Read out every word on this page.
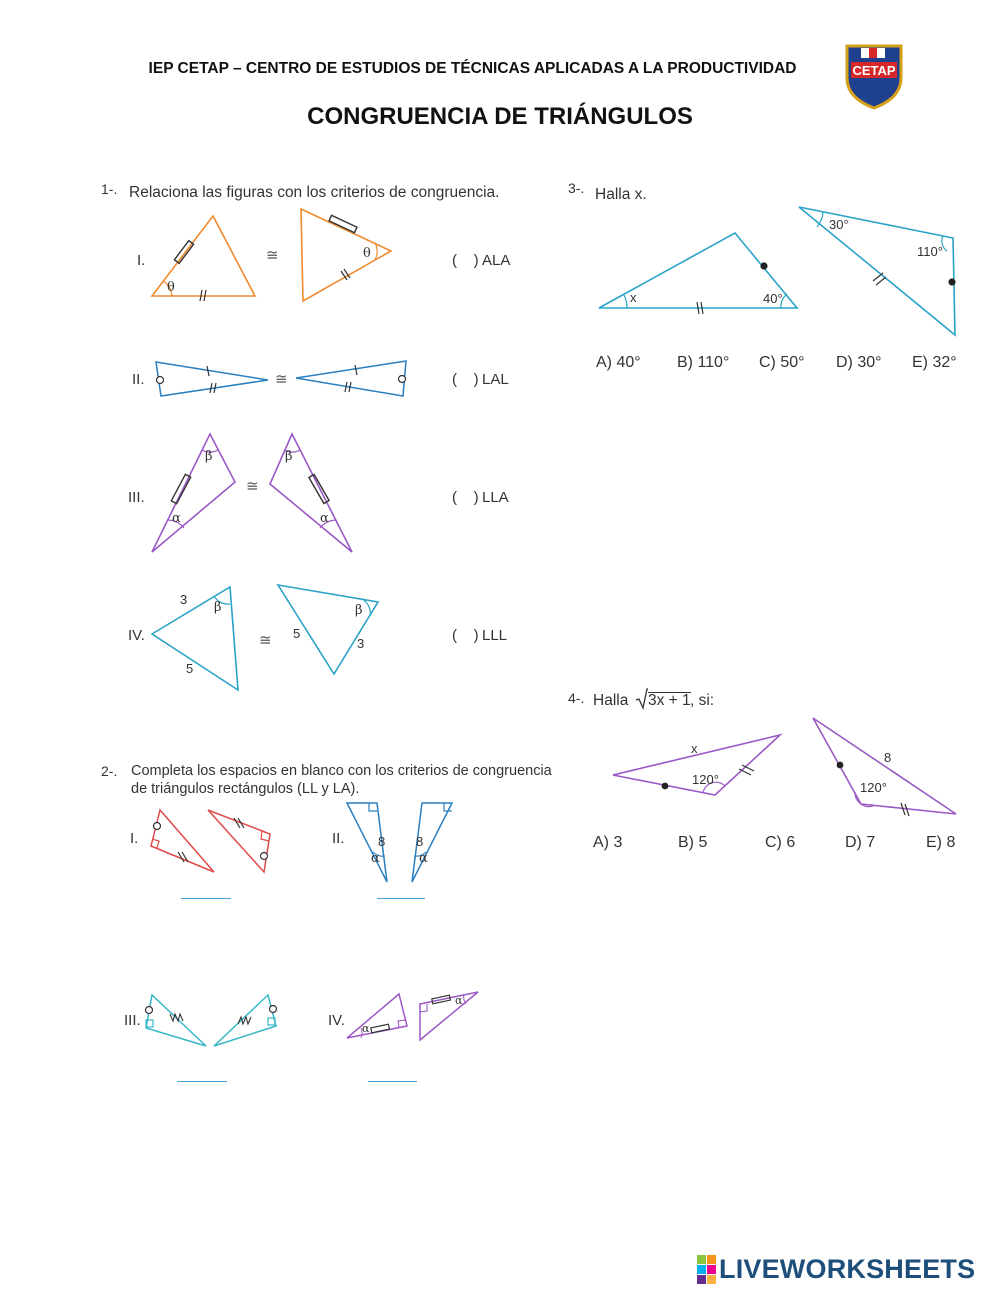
IEP CETAP – CENTRO DE ESTUDIOS DE TÉCNICAS APLICADAS A LA PRODUCTIVIDAD
CONGRUENCIA DE TRIÁNGULOS
CETAP
1-. Relaciona las figuras con los criterios de congruencia.
I.
θ
≅	θ	(    ) ALA
II.	≅	(    ) LAL
III.
β
α
≅
β
α
(    ) LLA
IV.
β
3
5
≅
β
5
3	(    ) LLL
2-. Completa los espacios en blanco con los criterios de congruencia
de triángulos rectángulos (LL y LA).
I.	II.	8
α
8
α
III.	IV. α
α
3-. Halla x.
x	40°
30°
110°
A) 40° B) 110° C) 50° D) 30° E) 32°
4-. Halla 3x + 1 , si:
x
120°
8
120°
A) 3	B) 5	C) 6	D) 7	E) 8
LIVEWORKSHEETS
